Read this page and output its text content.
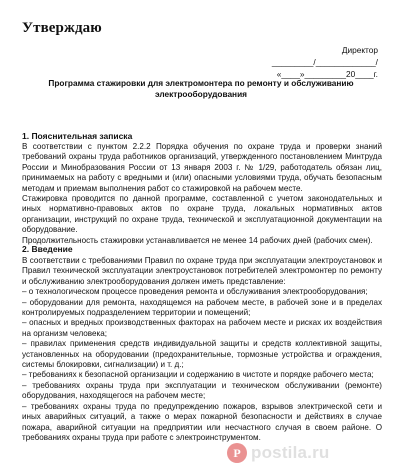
Утверждаю
Директор
_________/_____________/
«____»_________20____г.
Программа стажировки для электромонтера по ремонту и обслуживанию
электрооборудования
1. Пояснительная записка

В соответствии с пунктом 2.2.2 Порядка обучения по охране труда и проверки знаний требований охраны труда работников организаций, утвержденного постановлением Минтруда России и Минобразования России от 13 января 2003 г. № 1/29, работодатель обязан лиц, принимаемых на работу с вредными и (или) опасными условиями труда, обучать безопасным методам и приемам выполнения работ со стажировкой на рабочем месте.

Стажировка проводится по данной программе, составленной с учетом законодательных и иных нормативно-правовых актов по охране труда, локальных нормативных актов организации, инструкций по охране труда, технической и эксплуатационной документации на оборудование.

Продолжительность стажировки устанавливается не менее 14 рабочих дней (рабочих смен).

2. Введение

В соответствии с требованиями Правил по охране труда при эксплуатации электроустановок и Правил технической эксплуатации электроустановок потребителей электромонтер по ремонту и обслуживанию электрооборудования должен иметь представление:

– о технологическом процессе проведения ремонта и обслуживания электрооборудования;

– оборудовании для ремонта, находящемся на рабочем месте, в рабочей зоне и в пределах контролируемых подразделением территории и помещений;

– опасных и вредных производственных факторах на рабочем месте и рисках их воздействия на организм человека;

– правилах применения средств индивидуальной защиты и средств коллективной защиты, установленных на оборудовании (предохранительные, тормозные устройства и ограждения, системы блокировки, сигнализации) и т. д.;

– требованиях к безопасной организации и содержанию в чистоте и порядке рабочего места;

– требованиях охраны труда при эксплуатации и техническом обслуживании (ремонте) оборудования, находящегося на рабочем месте;

– требованиях охраны труда по предупреждению пожаров, взрывов электрической сети и иных аварийных ситуаций, а также о мерах пожарной безопасности и действиях в случае пожара, аварийной ситуации на предприятии или несчастного случая в своем районе. О требованиях охраны труда при работе с электроинструментом.

P postila.ru
